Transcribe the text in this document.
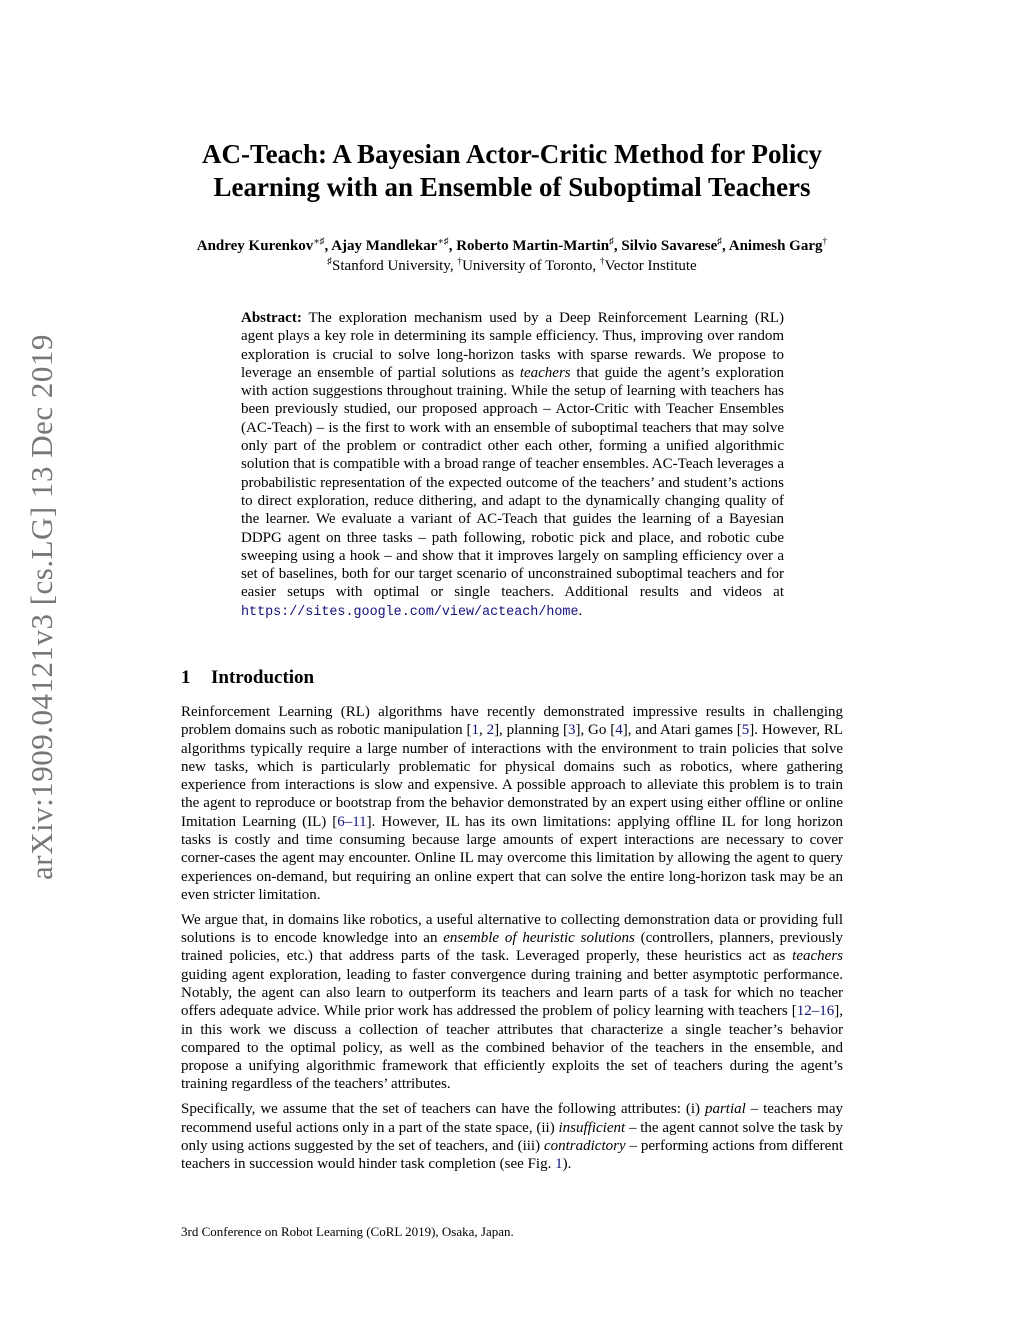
arXiv:1909.04121v3 [cs.LG] 13 Dec 2019
AC-Teach: A Bayesian Actor-Critic Method for Policy
Learning with an Ensemble of Suboptimal Teachers
Andrey Kurenkov∗♯, Ajay Mandlekar∗♯, Roberto Martin-Martin♯, Silvio Savarese♯, Animesh Garg†
♯Stanford University, †University of Toronto, †Vector Institute
Abstract: The exploration mechanism used by a Deep Reinforcement Learning (RL) agent plays a key role in determining its sample efficiency. Thus, improving over random exploration is crucial to solve long-horizon tasks with sparse rewards. We propose to leverage an ensemble of partial solutions as teachers that guide the agent’s exploration with action suggestions throughout training. While the setup of learning with teachers has been previously studied, our proposed approach – Actor-Critic with Teacher Ensembles (AC-Teach) – is the first to work with an ensemble of suboptimal teachers that may solve only part of the problem or contradict other each other, forming a unified algorithmic solution that is compatible with a broad range of teacher ensembles. AC-Teach leverages a probabilistic representation of the expected outcome of the teachers’ and student’s actions to direct exploration, reduce dithering, and adapt to the dynamically changing quality of the learner. We evaluate a variant of AC-Teach that guides the learning of a Bayesian DDPG agent on three tasks – path following, robotic pick and place, and robotic cube sweeping using a hook – and show that it improves largely on sampling efficiency over a set of baselines, both for our target scenario of unconstrained suboptimal teachers and for easier setups with optimal or single teachers. Additional results and videos at https://sites.google.com/view/acteach/home.
1 Introduction

Reinforcement Learning (RL) algorithms have recently demonstrated impressive results in challenging problem domains such as robotic manipulation [1, 2], planning [3], Go [4], and Atari games [5]. However, RL algorithms typically require a large number of interactions with the environment to train policies that solve new tasks, which is particularly problematic for physical domains such as robotics, where gathering experience from interactions is slow and expensive. A possible approach to alleviate this problem is to train the agent to reproduce or bootstrap from the behavior demonstrated by an expert using either offline or online Imitation Learning (IL) [6–11]. However, IL has its own limitations: applying offline IL for long horizon tasks is costly and time consuming because large amounts of expert interactions are necessary to cover corner-cases the agent may encounter. Online IL may overcome this limitation by allowing the agent to query experiences on-demand, but requiring an online expert that can solve the entire long-horizon task may be an even stricter limitation.

We argue that, in domains like robotics, a useful alternative to collecting demonstration data or providing full solutions is to encode knowledge into an ensemble of heuristic solutions (controllers, planners, previously trained policies, etc.) that address parts of the task. Leveraged properly, these heuristics act as teachers guiding agent exploration, leading to faster convergence during training and better asymptotic performance. Notably, the agent can also learn to outperform its teachers and learn parts of a task for which no teacher offers adequate advice. While prior work has addressed the problem of policy learning with teachers [12–16], in this work we discuss a collection of teacher attributes that characterize a single teacher’s behavior compared to the optimal policy, as well as the combined behavior of the teachers in the ensemble, and propose a unifying algorithmic framework that efficiently exploits the set of teachers during the agent’s training regardless of the teachers’ attributes.

Specifically, we assume that the set of teachers can have the following attributes: (i) partial – teachers may recommend useful actions only in a part of the state space, (ii) insufficient – the agent cannot solve the task by only using actions suggested by the set of teachers, and (iii) contradictory – performing actions from different teachers in succession would hinder task completion (see Fig. 1).

3rd Conference on Robot Learning (CoRL 2019), Osaka, Japan.
